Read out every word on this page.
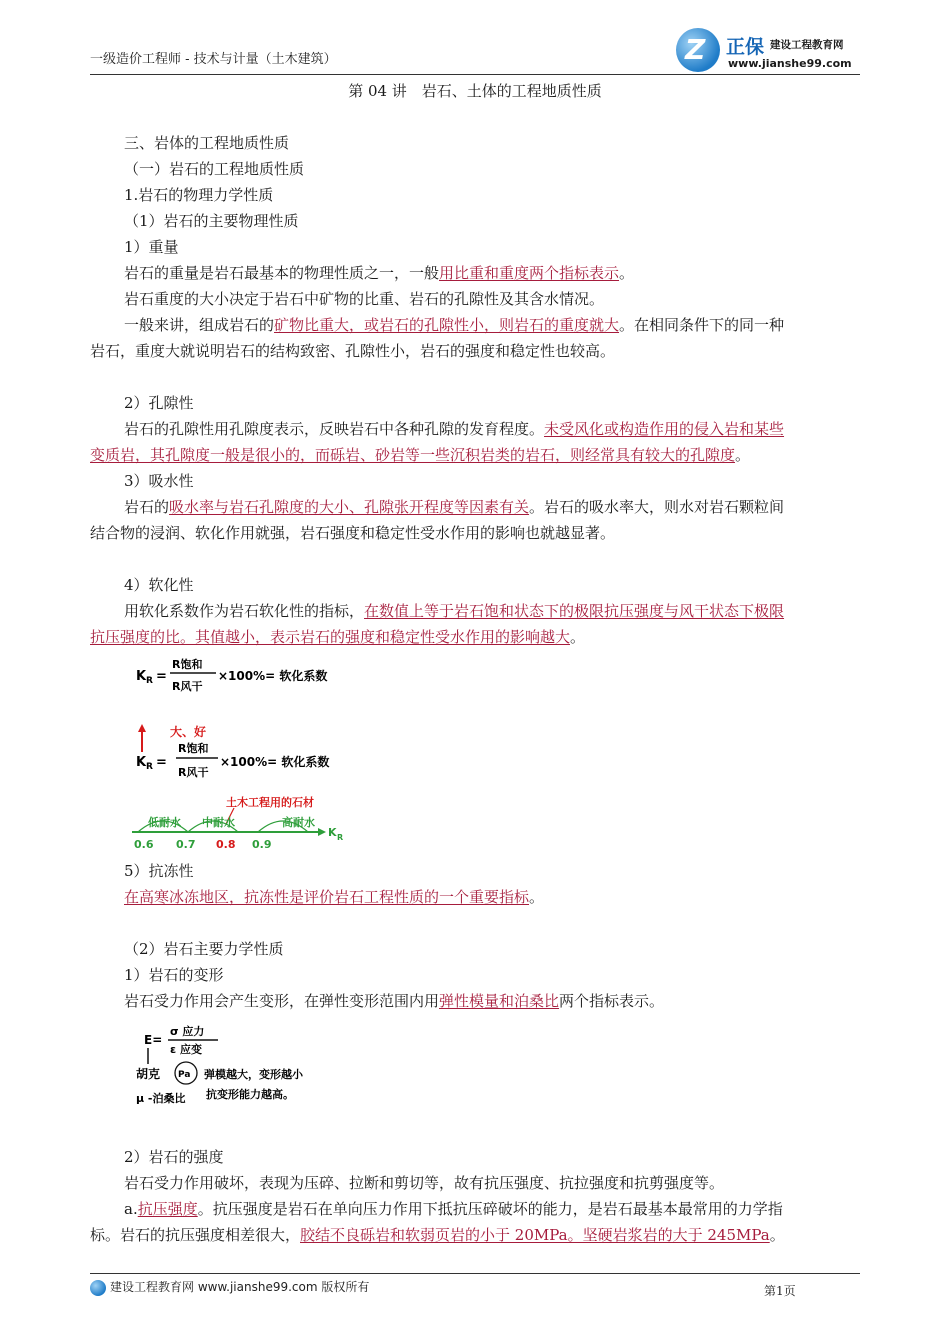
一级造价工程师 - 技术与计量（土木建筑）	Z 正保 建设工程教育网
www.jianshe99.com
第 04 讲　岩石、土体的工程地质性质
三、岩体的工程地质性质
（一）岩石的工程地质性质
1.岩石的物理力学性质
（1）岩石的主要物理性质
1）重量
岩石的重量是岩石最基本的物理性质之一，一般用比重和重度两个指标表示。
岩石重度的大小决定于岩石中矿物的比重、岩石的孔隙性及其含水情况。
一般来讲，组成岩石的矿物比重大，或岩石的孔隙性小，则岩石的重度就大。在相同条件下的同一种
岩石，重度大就说明岩石的结构致密、孔隙性小，岩石的强度和稳定性也较高。
2）孔隙性
岩石的孔隙性用孔隙度表示，反映岩石中各种孔隙的发育程度。未受风化或构造作用的侵入岩和某些
变质岩，其孔隙度一般是很小的，而砾岩、砂岩等一些沉积岩类的岩石，则经常具有较大的孔隙度。
3）吸水性
岩石的吸水率与岩石孔隙度的大小、孔隙张开程度等因素有关。岩石的吸水率大，则水对岩石颗粒间
结合物的浸润、软化作用就强，岩石强度和稳定性受水作用的影响也就越显著。
4）软化性
用软化系数作为岩石软化性的指标，在数值上等于岩石饱和状态下的极限抗压强度与风干状态下极限
抗压强度的比。其值越小，表示岩石的强度和稳定性受水作用的影响越大。
5）抗冻性
在高寒冰冻地区，抗冻性是评价岩石工程性质的一个重要指标。
（2）岩石主要力学性质
1）岩石的变形
岩石受力作用会产生变形，在弹性变形范围内用弹性模量和泊桑比两个指标表示。
2）岩石的强度
岩石受力作用破坏，表现为压碎、拉断和剪切等，故有抗压强度、抗拉强度和抗剪强度等。
a.抗压强度。抗压强度是岩石在单向压力作用下抵抗压碎破坏的能力，是岩石最基本最常用的力学指
标。岩石的抗压强度相差很大，胶结不良砾岩和软弱页岩的小于 20MPa。坚硬岩浆岩的大于 245MPa。
K R =
R饱和
R风干
×100%= 软化系数
大、好
K R =
R饱和
R风干
×100%= 软化系数
土木工程用的石材
低耐水 中耐水	高耐水
K R
0.6 0.7 0.8 0.9
E=
σ 应力
ε 应变
胡克 Pa 弹模越大，变形越小
抗变形能力越高。
μ -泊桑比
建设工程教育网 www.jianshe99.com 版权所有	第1页
